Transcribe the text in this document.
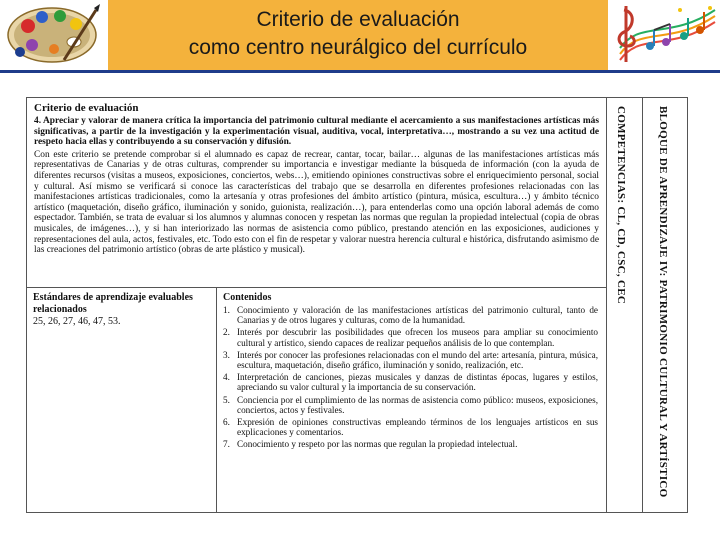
Criterio de evaluación
como centro neurálgico del currículo
Criterio de evaluación
4. Apreciar y valorar de manera crítica la importancia del patrimonio cultural mediante el acercamiento a sus manifestaciones artísticas más significativas, a partir de la investigación y la experimentación visual, auditiva, vocal, interpretativa…, mostrando a su vez una actitud de respeto hacia ellas y contribuyendo a su conservación y difusión.
Con este criterio se pretende comprobar si el alumnado es capaz de recrear, cantar, tocar, bailar… algunas de las manifestaciones artísticas más representativas de Canarias y de otras culturas, comprender su importancia e investigar mediante la búsqueda de información (con la ayuda de diferentes recursos (visitas a museos, exposiciones, conciertos, webs…), emitiendo opiniones constructivas sobre el enriquecimiento personal, social y cultural. Así mismo se verificará si conoce las características del trabajo que se desarrolla en diferentes profesiones relacionadas con las manifestaciones artísticas tradicionales, como la artesanía y otras profesiones del ámbito artístico (pintura, música, escultura…) y ámbito técnico artístico (maquetación, diseño gráfico, iluminación y sonido, guionista, realización…), para entenderlas como una opción laboral además de como espectador. También, se trata de evaluar si los alumnos y alumnas conocen y respetan las normas que regulan la propiedad intelectual (copia de obras musicales, de imágenes…), y si han interiorizado las normas de asistencia como público, prestando atención en las exposiciones, audiciones y representaciones del aula, actos, festivales, etc. Todo esto con el fin de respetar y valorar nuestra herencia cultural e histórica, disfrutando asimismo de las creaciones del patrimonio artístico (obras de arte plástico y musical).
Estándares de aprendizaje evaluables relacionados
25, 26, 27, 46, 47, 53.
Contenidos
1. Conocimiento y valoración de las manifestaciones artísticas del patrimonio cultural, tanto de Canarias y de otros lugares y culturas, como de la humanidad.
2. Interés por descubrir las posibilidades que ofrecen los museos para ampliar su conocimiento cultural y artístico, siendo capaces de realizar pequeños análisis de lo que contemplan.
3. Interés por conocer las profesiones relacionadas con el mundo del arte: artesanía, pintura, música, escultura, maquetación, diseño gráfico, iluminación y sonido, realización, etc.
4. Interpretación de canciones, piezas musicales y danzas de distintas épocas, lugares y estilos, apreciando su valor cultural y la importancia de su conservación.
5. Conciencia por el cumplimiento de las normas de asistencia como público: museos, exposiciones, conciertos, actos y festivales.
6. Expresión de opiniones constructivas empleando términos de los lenguajes artísticos en sus explicaciones y comentarios.
7. Conocimiento y respeto por las normas que regulan la propiedad intelectual.
COMPETENCIAS: CL, CD, CSC, CEC	BLOQUE DE APRENDIZAJE IV: PATRIMONIO CULTURAL Y ARTÍSTICO
